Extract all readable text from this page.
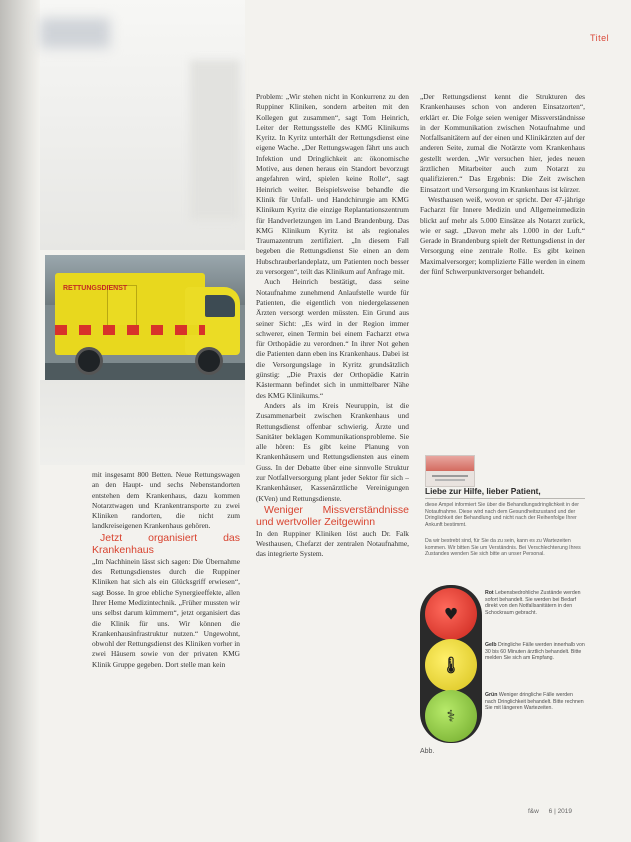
RETTUNGSDIENST
Titel

mit insgesamt 800 Betten. Neue Rettungswagen an den Haupt- und sechs Nebenstandorten entstehen dem Krankenhaus, dazu kommen Notarztwagen und Krankentransporte zu zwei Kliniken randorten, die nicht zum landkreiseigenen Krankenhaus gehören.

Jetzt organisiert das Krankenhaus

„Im Nachhinein lässt sich sagen: Die Übernahme des Rettungsdienstes durch die Ruppiner Kliniken hat sich als ein Glücksgriff erwiesen“, sagt Bosse. In groe ebliche Synergieeffekte, allen Ihrer Heme Medizintechnik. „Früher mussten wir uns selbst darum kümmern“, jetzt organisiert das die Klinik für uns. Wir können die Krankenhausinfrastruktur nutzen.“ Ungewohnt, obwohl der Rettungsdienst des Kliniken vorher in zwei Häusern sowie von der privaten KMG Klinik Gruppe gegeben. Dort stelle man kein

Problem: „Wir stehen nicht in Konkurrenz zu den Ruppiner Kliniken, sondern arbeiten mit den Kollegen gut zusammen“, sagt Tom Heinrich, Leiter der Rettungsstelle des KMG Klinikums Kyritz. In Kyritz unterhält der Rettungsdienst eine eigene Wache. „Der Rettungswagen fährt uns auch Infektion und Dringlichkeit an: ökonomische Motive, aus denen heraus ein Standort bevorzugt angefahren wird, spielen keine Rolle“, sagt Heinrich weiter. Beispielsweise behandle die Klinik für Unfall- und Handchirurgie am KMG Klinikum Kyritz die einzige Replantationszentrum für Handverletzungen im Land Brandenburg. Das KMG Klinikum Kyritz ist als regionales Traumazentrum zertifiziert. „In diesem Fall begeben die Rettungsdienst Sie einen an dem Hubschrauberlandeplatz, um Patienten noch besser zu versorgen“, teilt das Klinikum auf Anfrage mit.

Auch Heinrich bestätigt, dass seine Notaufnahme zunehmend Anlaufstelle wurde für Patienten, die eigentlich von niedergelassenen Ärzten versorgt werden müssten. Ein Grund aus seiner Sicht: „Es wird in der Region immer schwerer, einen Termin bei einem Facharzt etwa für Orthopädie zu verordnen.“ In ihrer Not gehen die Patienten dann eben ins Krankenhaus. Dabei ist die Versorgungslage in Kyritz grundsätzlich günstig: „Die Praxis der Orthopädie Katrin Kästermann befindet sich in unmittelbarer Nähe des KMG Klinikums.“

Anders als im Kreis Neuruppin, ist die Zusammenarbeit zwischen Krankenhaus und Rettungsdienst offenbar schwierig. Ärzte und Sanitäter beklagen Kommunikationsprobleme. Sie alle hören: Es gibt keine Planung von Krankenhäusern und Rettungsdiensten aus einem Guss. In der Debatte über eine sinnvolle Struktur zur Notfallversorgung plant jeder Sektor für sich – Krankenhäuser, Kassenärztliche Vereinigungen (KVen) und Rettungsdienste.

Weniger Missverständnisse und wertvoller Zeitgewinn

In den Ruppiner Kliniken löst auch Dr. Falk Westhausen, Chefarzt der zentralen Notaufnahme, das integrierte System.

„Der Rettungsdienst kennt die Strukturen des Krankenhauses schon von anderen Einsatzorten“, erklärt er. Die Folge seien weniger Missverständnisse in der Kommunikation zwischen Notaufnahme und Notfallsanitätern auf der einen und Klinikärzten auf der anderen Seite, zumal die Notärzte vom Krankenhaus gestellt werden. „Wir versuchen hier, jedes neuen ärztlichen Mitarbeiter auch zum Notarzt zu qualifizieren.“ Das Ergebnis: Die Zeit zwischen Einsatzort und Versorgung im Krankenhaus ist kürzer.

Westhausen weiß, wovon er spricht. Der 47-jährige Facharzt für Innere Medizin und Allgemeinmedizin blickt auf mehr als 5.000 Einsätze als Notarzt zurück, wie er sagt. „Davon mehr als 1.000 in der Luft.“ Gerade in Brandenburg spielt der Rettungsdienst in der Versorgung eine zentrale Rolle. Es gibt keinen Maximalversorger; komplizierte Fälle werden in einem der fünf Schwerpunktversorger behandelt.

Liebe zur Hilfe, lieber Patient,
diese Ampel informiert Sie über die Behandlungsdringlichkeit in der Notaufnahme. Diese wird nach dem Gesundheitszustand und der Dringlichkeit der Behandlung und nicht nach der Reihenfolge Ihrer Ankunft bestimmt.
Da wir bestrebt sind, für Sie da zu sein, kann es zu Wartezeiten kommen. Wir bitten Sie um Verständnis. Bei Verschlechterung Ihres Zustandes wenden Sie sich bitte an unser Personal.
♥
🌡
⚕
Rot Lebensbedrohliche Zustände werden sofort behandelt. Sie werden bei Bedarf direkt von den Notfallsanitätern in den Schockraum gebracht.
Gelb Dringliche Fälle werden innerhalb von 30 bis 60 Minuten ärztlich behandelt. Bitte melden Sie sich am Empfang.
Grün Weniger dringliche Fälle werden nach Dringlichkeit behandelt. Bitte rechnen Sie mit längeren Wartezeiten.
Abb.
f&w 6 | 2019
